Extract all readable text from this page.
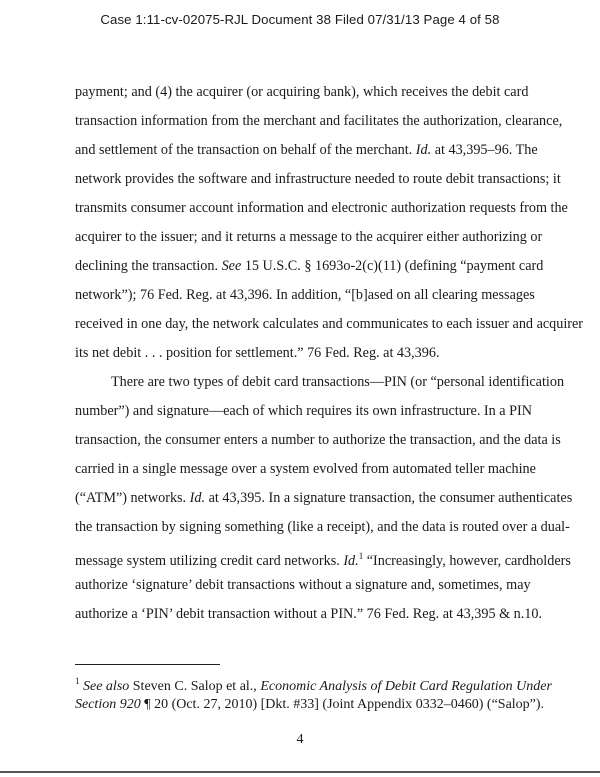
Case 1:11-cv-02075-RJL Document 38 Filed 07/31/13 Page 4 of 58
payment; and (4) the acquirer (or acquiring bank), which receives the debit card
transaction information from the merchant and facilitates the authorization, clearance,
and settlement of the transaction on behalf of the merchant. Id. at 43,395–96. The
network provides the software and infrastructure needed to route debit transactions; it
transmits consumer account information and electronic authorization requests from the
acquirer to the issuer; and it returns a message to the acquirer either authorizing or
declining the transaction. See 15 U.S.C. § 1693o-2(c)(11) (defining “payment card
network”); 76 Fed. Reg. at 43,396. In addition, “[b]ased on all clearing messages
received in one day, the network calculates and communicates to each issuer and acquirer
its net debit . . . position for settlement.” 76 Fed. Reg. at 43,396.
There are two types of debit card transactions—PIN (or “personal identification
number”) and signature—each of which requires its own infrastructure. In a PIN
transaction, the consumer enters a number to authorize the transaction, and the data is
carried in a single message over a system evolved from automated teller machine
(“ATM”) networks. Id. at 43,395. In a signature transaction, the consumer authenticates
the transaction by signing something (like a receipt), and the data is routed over a dual-
message system utilizing credit card networks. Id.$^1$ “Increasingly, however, cardholders
authorize ‘signature’ debit transactions without a signature and, sometimes, may
authorize a ‘PIN’ debit transaction without a PIN.” 76 Fed. Reg. at 43,395 & n.10.
$^1$ See also Steven C. Salop et al., Economic Analysis of Debit Card Regulation Under
Section 920 ¶ 20 (Oct. 27, 2010) [Dkt. #33] (Joint Appendix 0332–0460) (“Salop”).
4
